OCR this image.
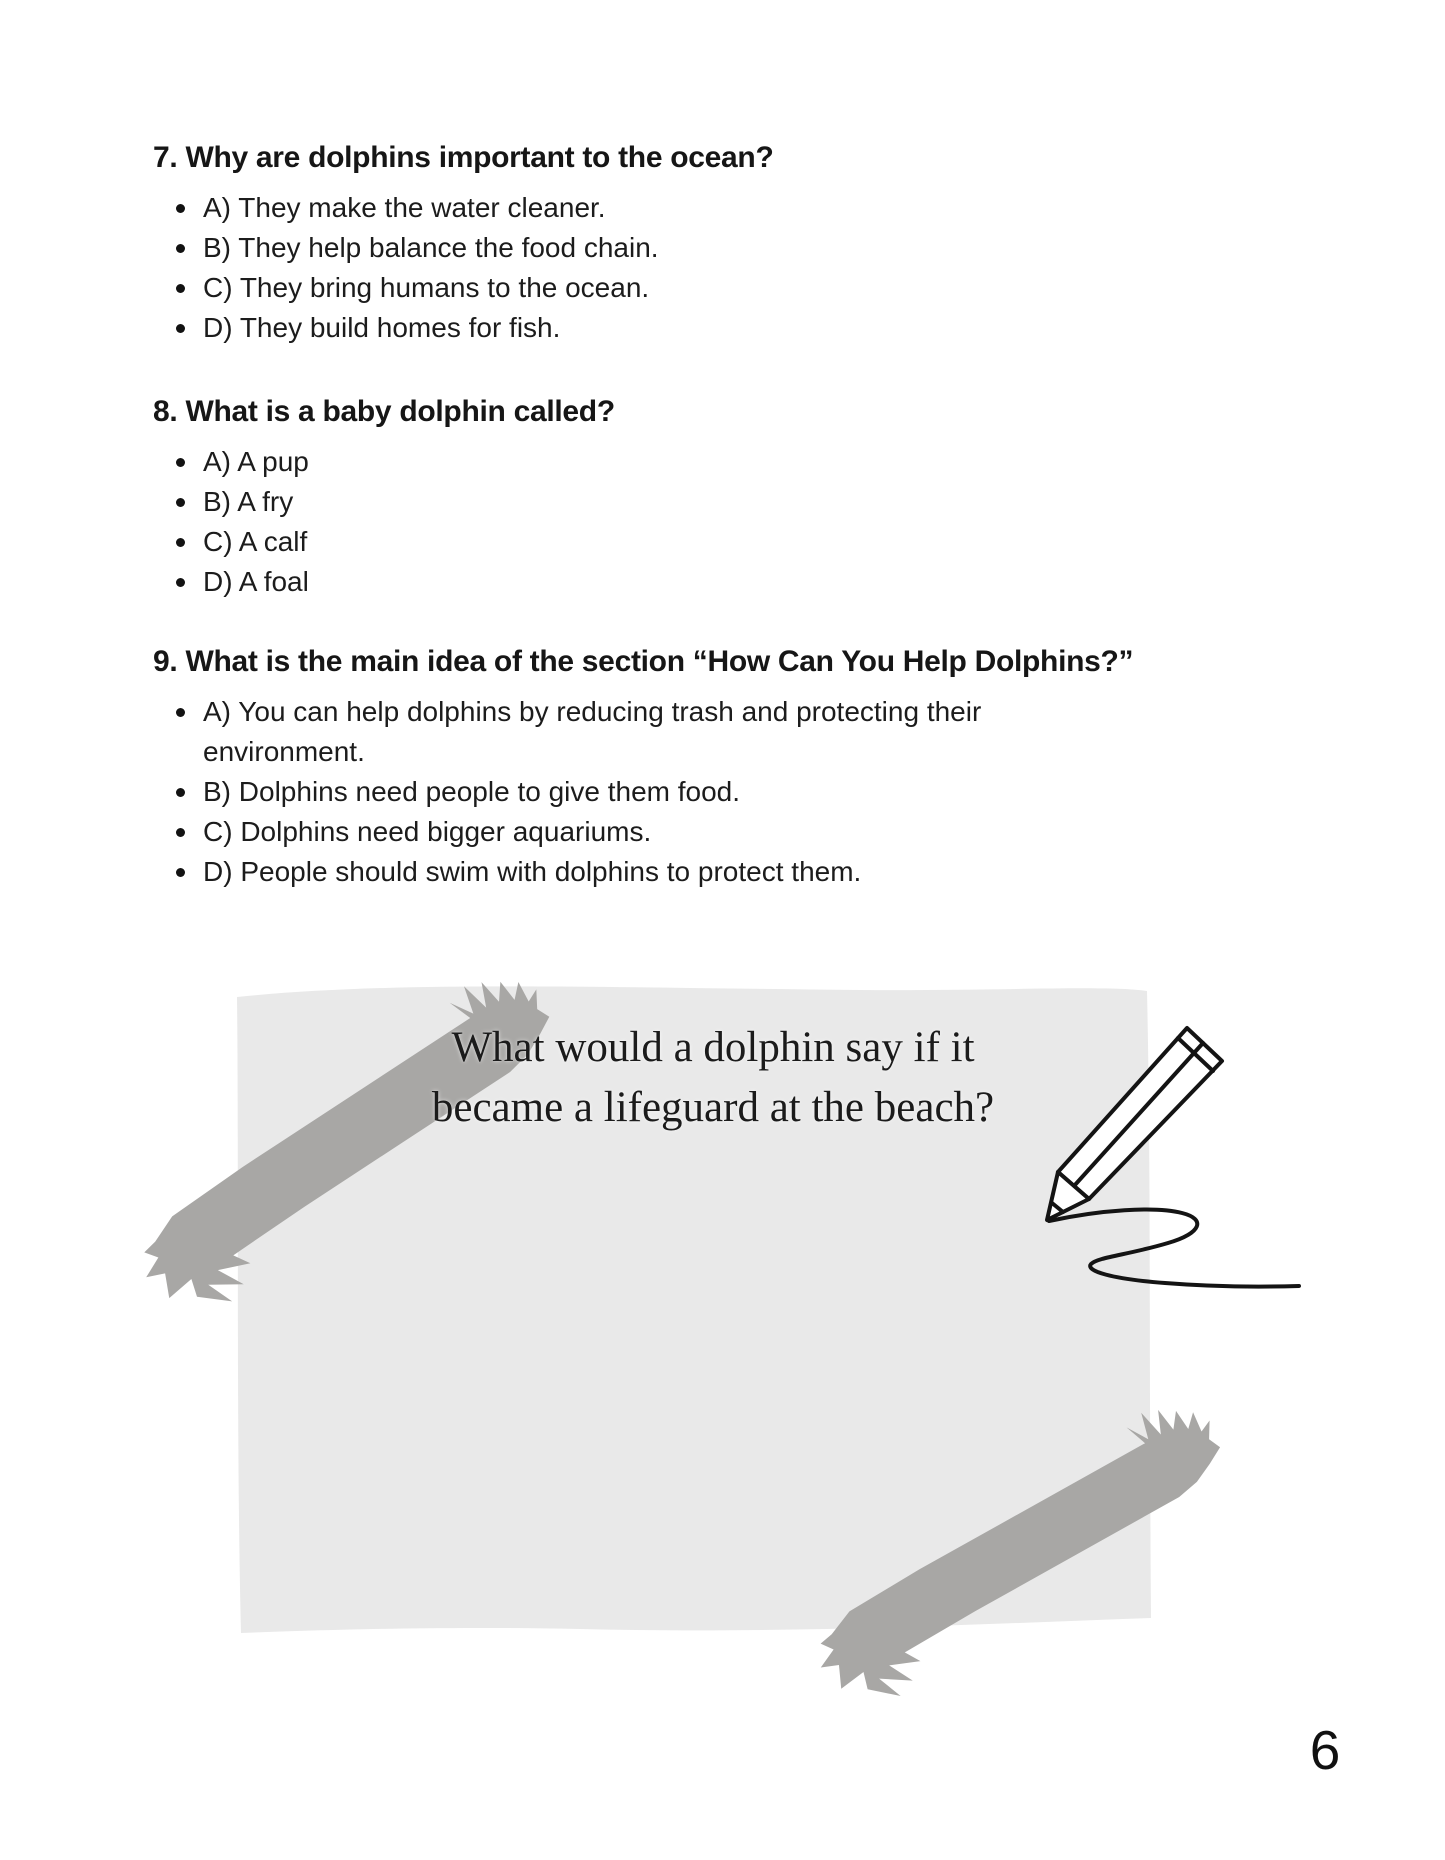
7. Why are dolphins important to the ocean?
A) They make the water cleaner.
B) They help balance the food chain.
C) They bring humans to the ocean.
D) They build homes for fish.
8. What is a baby dolphin called?
A) A pup
B) A fry
C) A calf
D) A foal
9. What is the main idea of the section “How Can You Help Dolphins?”
A) You can help dolphins by reducing trash and protecting their environment.
B) Dolphins need people to give them food.
C) Dolphins need bigger aquariums.
D) People should swim with dolphins to protect them.
What would a dolphin say if it
became a lifeguard at the beach?
6
